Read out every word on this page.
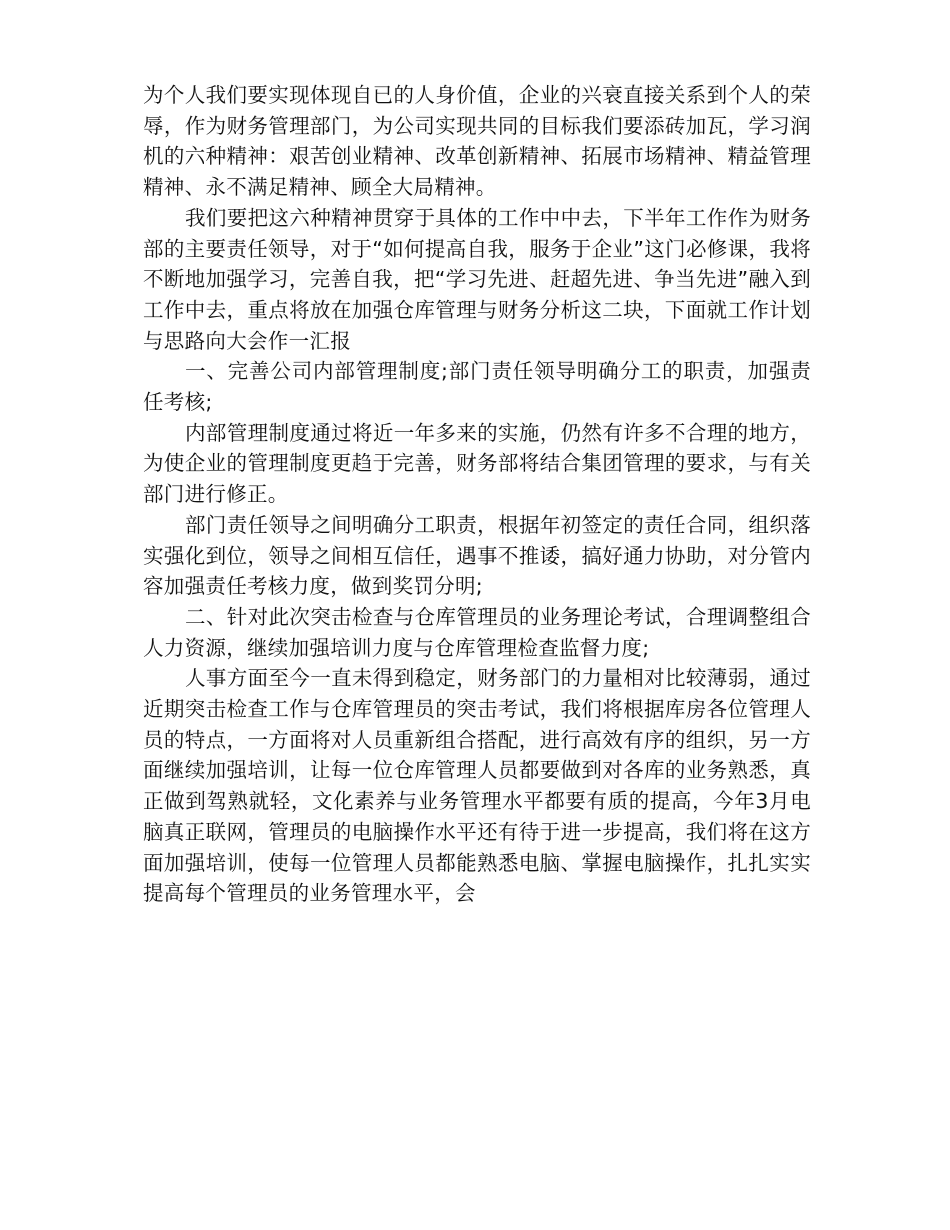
为个人我们要实现体现自已的人身价值，企业的兴衰直接关系到个人的荣辱，作为财务管理部门，为公司实现共同的目标我们要添砖加瓦，学习润机的六种精神：艰苦创业精神、改革创新精神、拓展市场精神、精益管理精神、永不满足精神、顾全大局精神。

我们要把这六种精神贯穿于具体的工作中中去，下半年工作作为财务部的主要责任领导，对于“如何提高自我，服务于企业”这门必修课，我将不断地加强学习，完善自我，把“学习先进、赶超先进、争当先进”融入到工作中去，重点将放在加强仓库管理与财务分析这二块，下面就工作计划与思路向大会作一汇报

一、完善公司内部管理制度;部门责任领导明确分工的职责，加强责任考核;

内部管理制度通过将近一年多来的实施，仍然有许多不合理的地方，为使企业的管理制度更趋于完善，财务部将结合集团管理的要求，与有关部门进行修正。

部门责任领导之间明确分工职责，根据年初签定的责任合同，组织落实强化到位，领导之间相互信任，遇事不推诿，搞好通力协助，对分管内容加强责任考核力度，做到奖罚分明;

二、针对此次突击检查与仓库管理员的业务理论考试，合理调整组合人力资源，继续加强培训力度与仓库管理检查监督力度;

人事方面至今一直未得到稳定，财务部门的力量相对比较薄弱，通过近期突击检查工作与仓库管理员的突击考试，我们将根据库房各位管理人员的特点，一方面将对人员重新组合搭配，进行高效有序的组织，另一方面继续加强培训，让每一位仓库管理人员都要做到对各库的业务熟悉，真正做到驾熟就轻，文化素养与业务管理水平都要有质的提高，今年3月电脑真正联网，管理员的电脑操作水平还有待于进一步提高，我们将在这方面加强培训，使每一位管理人员都能熟悉电脑、掌握电脑操作，扎扎实实提高每个管理员的业务管理水平，会
